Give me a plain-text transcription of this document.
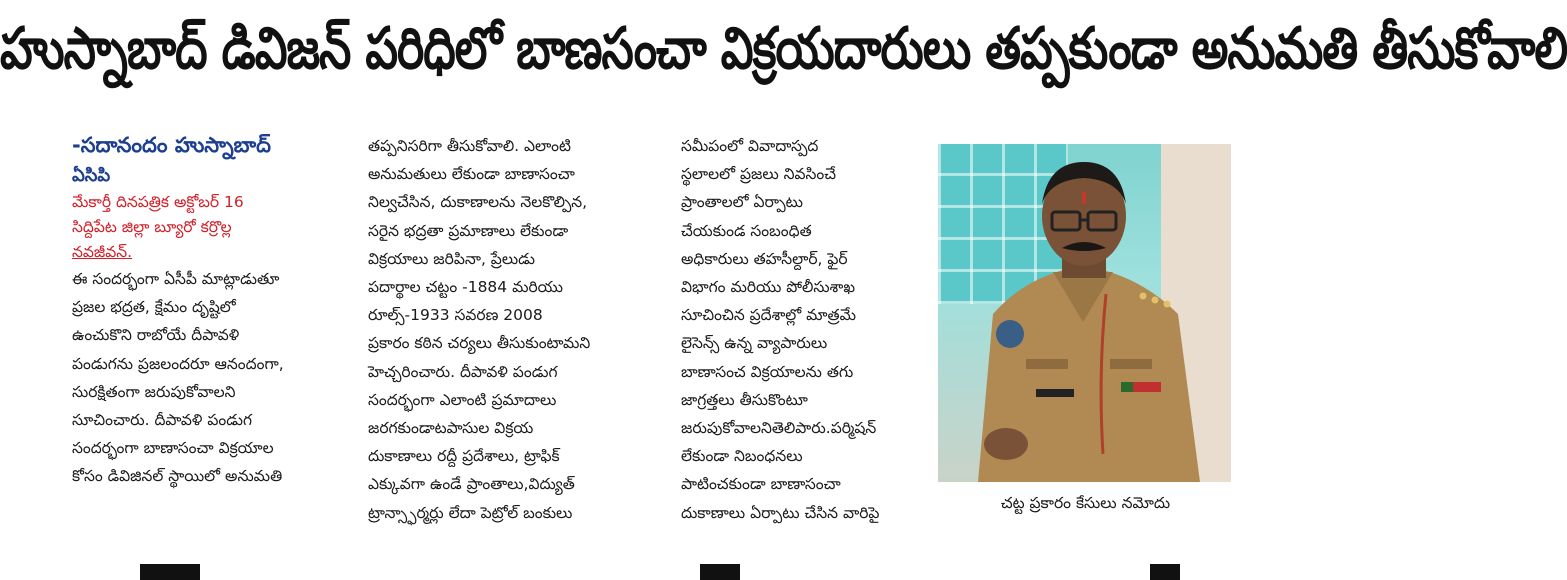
హుస్నాబాద్ డివిజన్ పరిధిలో బాణసంచా విక్రయదారులు తప్పకుండా అనుమతి తీసుకోవాలి
-సదానందం హుస్నాబాద్
ఏసిపి

మేకార్తీ దినపత్రిక అక్టోబర్ 16

సిద్దిపేట జిల్లా బ్యూరో కర్రొల్ల

నవజీవన్.

ఈ సందర్భంగా ఏసీపీ మాట్లాడుతూ

ప్రజల భద్రత, క్షేమం దృష్టిలో

ఉంచుకొని రాబోయే దీపావళి

పండుగను ప్రజలందరూ ఆనందంగా,

సురక్షితంగా జరుపుకోవాలని

సూచించారు. దీపావళి పండుగ

సందర్భంగా బాణాసంచా విక్రయాల

కోసం డివిజినల్ స్థాయిలో అనుమతి

తప్పనిసరిగా తీసుకోవాలి. ఎలాంటి

అనుమతులు లేకుండా బాణాసంచా

నిల్వచేసిన, దుకాణాలను నెలకొల్పిన,

సరైన భద్రతా ప్రమాణాలు లేకుండా

విక్రయాలు జరిపినా, ప్రేలుడు

పదార్థాల చట్టం -1884 మరియు

రూల్స్-1933 సవరణ 2008

ప్రకారం కఠిన చర్యలు తీసుకుంటామని

హెచ్చరించారు. దీపావళి పండుగ

సందర్భంగా ఎలాంటి ప్రమాదాలు

జరగకుండాటపాసుల విక్రయ

దుకాణాలు రద్దీ ప్రదేశాలు, ట్రాఫిక్

ఎక్కువగా ఉండే ప్రాంతాలు,విద్యుత్

ట్రాన్స్ఫార్మర్లు లేదా పెట్రోల్ బంకులు

సమీపంలో వివాదాస్పద

స్థలాలలో ప్రజలు నివసించే

ప్రాంతాలలో ఏర్పాటు

చేయకుండ సంబంధిత

అధికారులు తహసీల్దార్, ఫైర్

విభాగం మరియు పోలీసుశాఖ

సూచించిన ప్రదేశాల్లో మాత్రమే

లైసెన్స్ ఉన్న వ్యాపారులు

బాణాసంచ విక్రయాలను తగు

జాగ్రత్తలు తీసుకొంటూ

జరుపుకోవాలనితెలిపారు.పర్మిషన్

లేకుండా నిబంధనలు

పాటించకుండా బాణాసంచా

దుకాణాలు ఏర్పాటు చేసిన వారిపై

చట్ట ప్రకారం కేసులు నమోదు
